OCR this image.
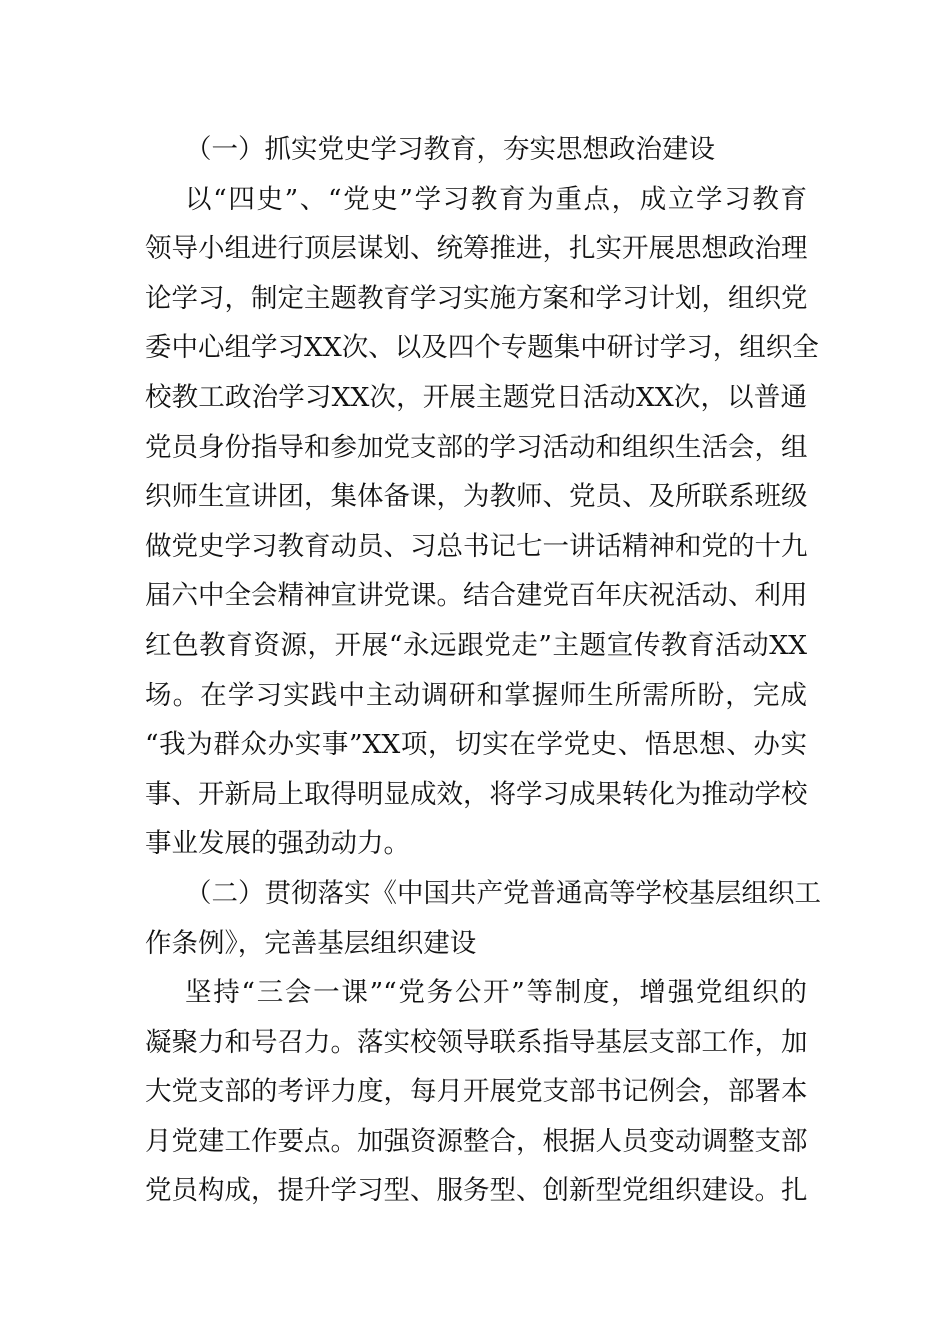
（一）抓实党史学习教育，夯实思想政治建设
以“四史”、“党史”学习教育为重点，成立学习教育
领导小组进行顶层谋划、统筹推进，扎实开展思想政治理
论学习，制定主题教育学习实施方案和学习计划，组织党
委中心组学习XX次、以及四个专题集中研讨学习，组织全
校教工政治学习XX次，开展主题党日活动XX次，以普通
党员身份指导和参加党支部的学习活动和组织生活会，组
织师生宣讲团，集体备课，为教师、党员、及所联系班级
做党史学习教育动员、习总书记七一讲话精神和党的十九
届六中全会精神宣讲党课。结合建党百年庆祝活动、利用
红色教育资源，开展“永远跟党走”主题宣传教育活动XX
场。在学习实践中主动调研和掌握师生所需所盼，完成
“我为群众办实事”XX项，切实在学党史、悟思想、办实
事、开新局上取得明显成效，将学习成果转化为推动学校
事业发展的强劲动力。
（二）贯彻落实《中国共产党普通高等学校基层组织工
作条例》，完善基层组织建设
坚持“三会一课”“党务公开”等制度，增强党组织的
凝聚力和号召力。落实校领导联系指导基层支部工作，加
大党支部的考评力度，每月开展党支部书记例会，部署本
月党建工作要点。加强资源整合，根据人员变动调整支部
党员构成，提升学习型、服务型、创新型党组织建设。扎
